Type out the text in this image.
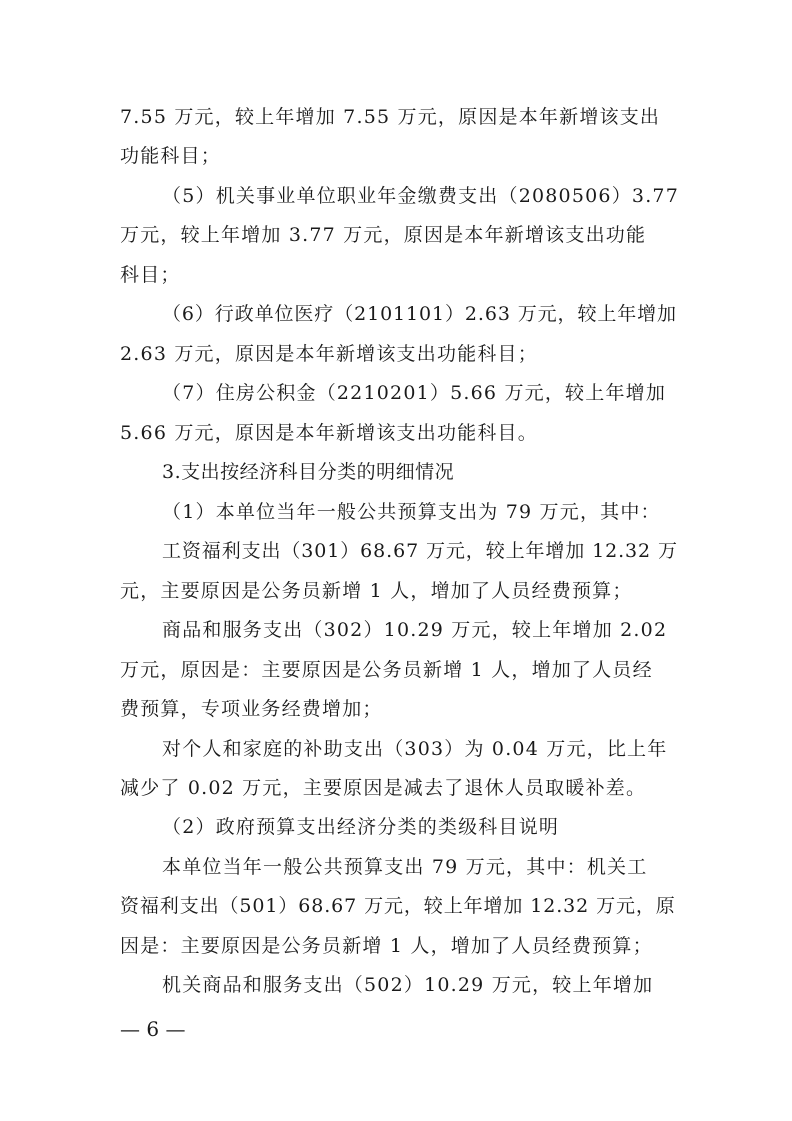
7.55 万元，较上年增加 7.55 万元，原因是本年新增该支出
功能科目；
（5）机关事业单位职业年金缴费支出（2080506）3.77
万元，较上年增加 3.77 万元，原因是本年新增该支出功能
科目；
（6）行政单位医疗（2101101）2.63 万元，较上年增加
2.63 万元，原因是本年新增该支出功能科目；
（7）住房公积金（2210201）5.66 万元，较上年增加
5.66 万元，原因是本年新增该支出功能科目。
3.支出按经济科目分类的明细情况
（1）本单位当年一般公共预算支出为 79 万元，其中：
工资福利支出（301）68.67 万元，较上年增加 12.32 万
元，主要原因是公务员新增 1 人，增加了人员经费预算；
商品和服务支出（302）10.29 万元，较上年增加 2.02
万元，原因是：主要原因是公务员新增 1 人，增加了人员经
费预算，专项业务经费增加；
对个人和家庭的补助支出（303）为 0.04 万元，比上年
减少了 0.02 万元，主要原因是减去了退休人员取暖补差。
（2）政府预算支出经济分类的类级科目说明
本单位当年一般公共预算支出 79 万元，其中：机关工
资福利支出（501）68.67 万元，较上年增加 12.32 万元，原
因是：主要原因是公务员新增 1 人，增加了人员经费预算；
机关商品和服务支出（502）10.29 万元，较上年增加
— 6 —
